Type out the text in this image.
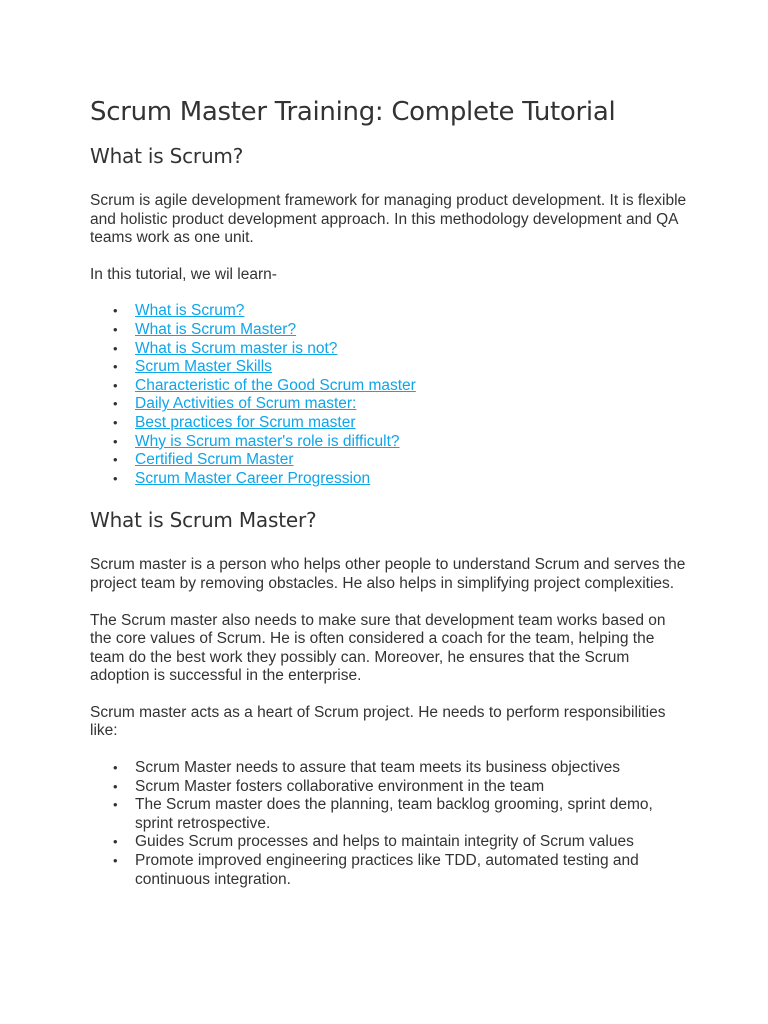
Scrum Master Training: Complete Tutorial
What is Scrum?

Scrum is agile development framework for managing product development. It is flexible and holistic product development approach. In this methodology development and QA teams work as one unit.

In this tutorial, we wil learn-

• What is Scrum?
• What is Scrum Master?
• What is Scrum master is not?
• Scrum Master Skills
• Characteristic of the Good Scrum master
• Daily Activities of Scrum master:
• Best practices for Scrum master
• Why is Scrum master's role is difficult?
• Certified Scrum Master
• Scrum Master Career Progression
What is Scrum Master?

Scrum master is a person who helps other people to understand Scrum and serves the project team by removing obstacles. He also helps in simplifying project complexities.

The Scrum master also needs to make sure that development team works based on the core values of Scrum. He is often considered a coach for the team, helping the team do the best work they possibly can. Moreover, he ensures that the Scrum adoption is successful in the enterprise.

Scrum master acts as a heart of Scrum project. He needs to perform responsibilities like:

• Scrum Master needs to assure that team meets its business objectives
• Scrum Master fosters collaborative environment in the team
• The Scrum master does the planning, team backlog grooming, sprint demo, sprint retrospective.
• Guides Scrum processes and helps to maintain integrity of Scrum values
• Promote improved engineering practices like TDD, automated testing and continuous integration.
